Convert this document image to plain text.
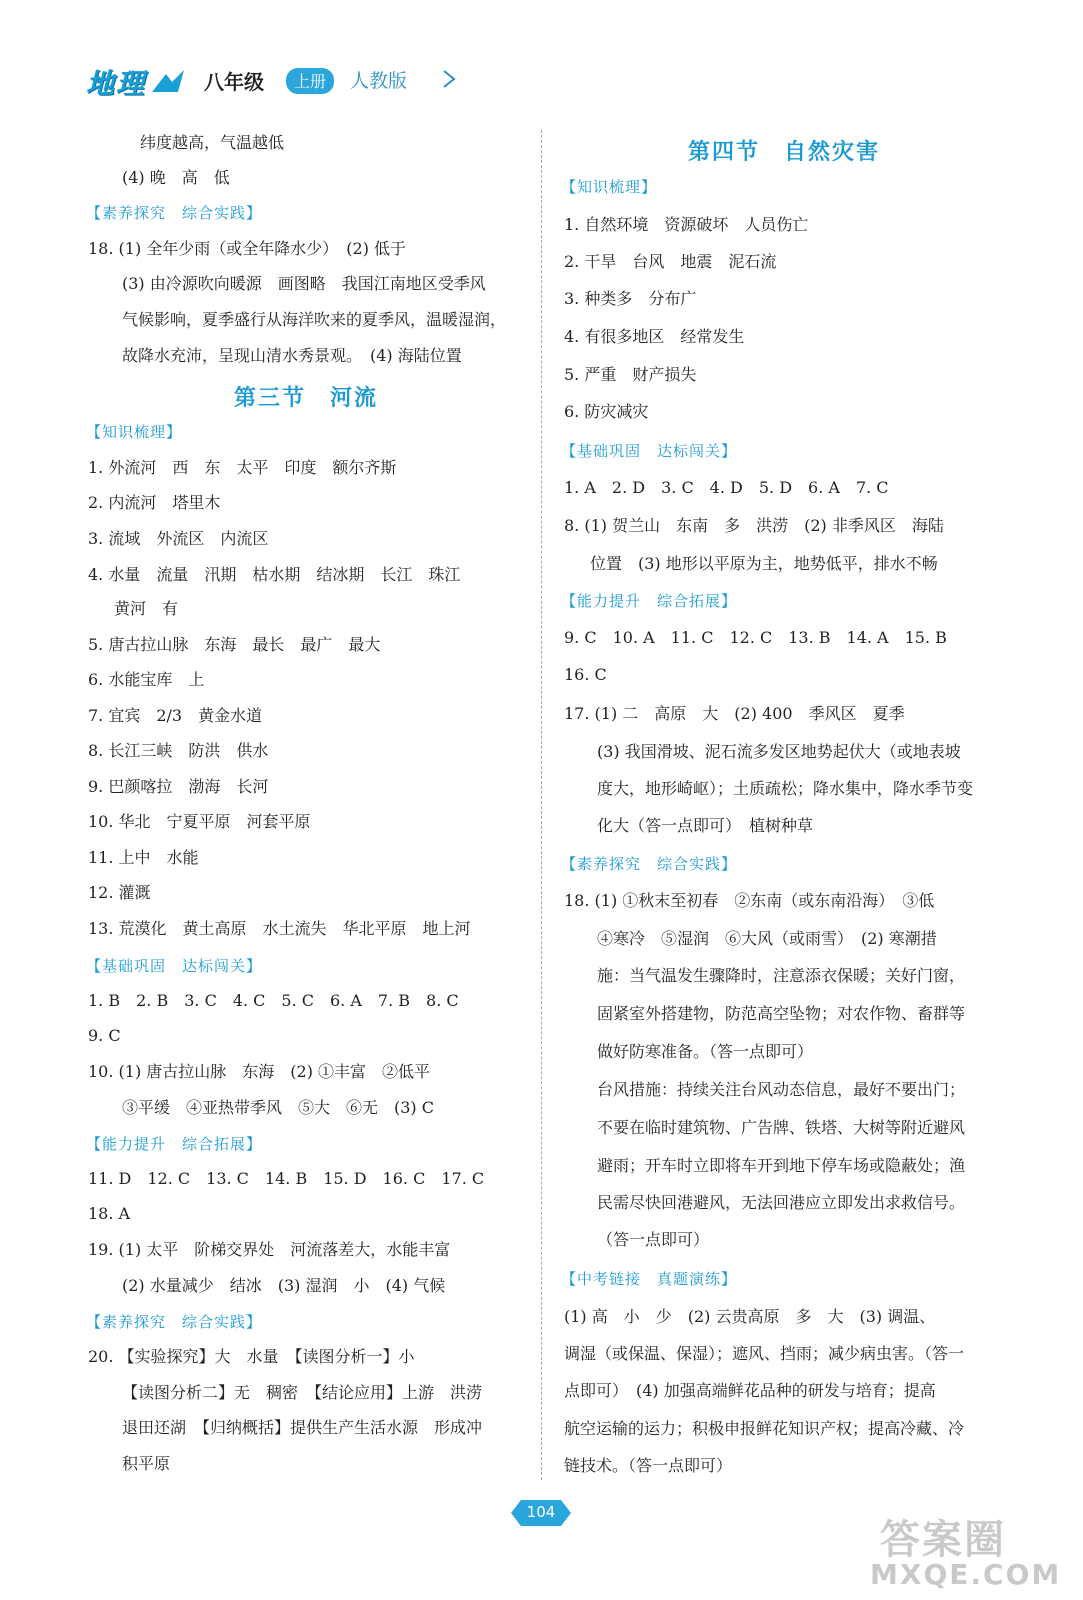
地理	八年级	上册	人教版
纬度越高，气温越低
(4) 晚　高　低
【素养探究　综合实践】
18. (1) 全年少雨（或全年降水少）　(2) 低于
(3) 由冷源吹向暖源　画图略　我国江南地区受季风
气候影响，夏季盛行从海洋吹来的夏季风，温暖湿润，
故降水充沛，呈现山清水秀景观。　(4) 海陆位置
第三节　河流
【知识梳理】
1. 外流河　西　东　太平　印度　额尔齐斯
2. 内流河　塔里木
3. 流域　外流区　内流区
4. 水量　流量　汛期　枯水期　结冰期　长江　珠江
黄河　有
5. 唐古拉山脉　东海　最长　最广　最大
6. 水能宝库　上
7. 宜宾　2/3　黄金水道
8. 长江三峡　防洪　供水
9. 巴颜喀拉　渤海　长河
10. 华北　宁夏平原　河套平原
11. 上中　水能
12. 灌溉
13. 荒漠化　黄土高原　水土流失　华北平原　地上河
【基础巩固　达标闯关】
1. B　2. B　3. C　4. C　5. C　6. A　7. B　8. C
9. C
10. (1) 唐古拉山脉　东海　(2) ①丰富　②低平
③平缓　④亚热带季风　⑤大　⑥无　(3) C
【能力提升　综合拓展】
11. D　12. C　13. C　14. B　15. D　16. C　17. C
18. A
19. (1) 太平　阶梯交界处　河流落差大，水能丰富
(2) 水量减少　结冰　(3) 湿润　小　(4) 气候
【素养探究　综合实践】
20. 【实验探究】大　水量　【读图分析一】小
【读图分析二】无　稠密　【结论应用】上游　洪涝
退田还湖　【归纳概括】提供生产生活水源　形成冲
积平原
第四节　自然灾害
【知识梳理】
1. 自然环境　资源破坏　人员伤亡
2. 干旱　台风　地震　泥石流
3. 种类多　分布广
4. 有很多地区　经常发生
5. 严重　财产损失
6. 防灾减灾
【基础巩固　达标闯关】
1. A　2. D　3. C　4. D　5. D　6. A　7. C
8. (1) 贺兰山　东南　多　洪涝　(2) 非季风区　海陆
位置　(3) 地形以平原为主，地势低平，排水不畅
【能力提升　综合拓展】
9. C　10. A　11. C　12. C　13. B　14. A　15. B
16. C
17. (1) 二　高原　大　(2) 400　季风区　夏季
(3) 我国滑坡、泥石流多发区地势起伏大（或地表坡
度大，地形崎岖）；土质疏松；降水集中，降水季节变
化大（答一点即可）　植树种草
【素养探究　综合实践】
18. (1) ①秋末至初春　②东南（或东南沿海）　③低
④寒冷　⑤湿润　⑥大风（或雨雪）　(2) 寒潮措
施：当气温发生骤降时，注意添衣保暖；关好门窗，
固紧室外搭建物，防范高空坠物；对农作物、畜群等
做好防寒准备。（答一点即可）
台风措施：持续关注台风动态信息，最好不要出门；
不要在临时建筑物、广告牌、铁塔、大树等附近避风
避雨；开车时立即将车开到地下停车场或隐蔽处；渔
民需尽快回港避风，无法回港应立即发出求救信号。
（答一点即可）
【中考链接　真题演练】
(1) 高　小　少　(2) 云贵高原　多　大　(3) 调温、
调湿（或保温、保湿）；遮风、挡雨；减少病虫害。（答一
点即可）　(4) 加强高端鲜花品种的研发与培育；提高
航空运输的运力；积极申报鲜花知识产权；提高冷藏、冷
链技术。（答一点即可）
104
答案圈
MXQE.COM
